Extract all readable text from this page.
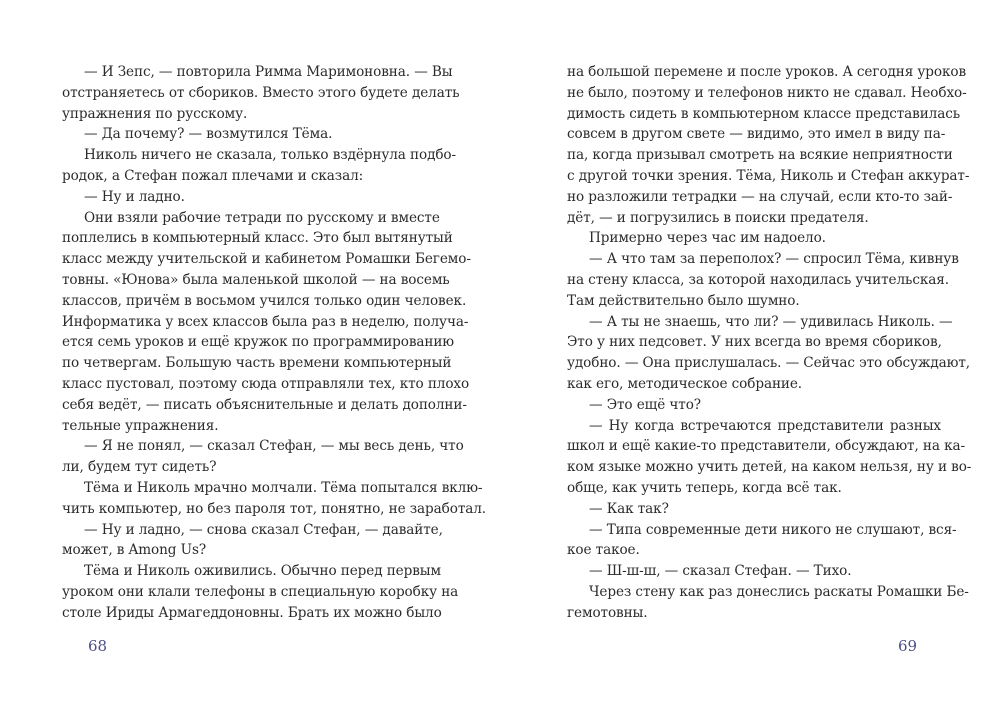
— И Зепс, — повторила Римма Маримоновна. — Вы
отстраняетесь от сбориков. Вместо этого будете делать
упражнения по русскому.
— Да почему? — возмутился Тёма.
Николь ничего не сказала, только вздёрнула подбо-
родок, а Стефан пожал плечами и сказал:
— Ну и ладно.
Они взяли рабочие тетради по русскому и вместе
поплелись в компьютерный класс. Это был вытянутый
класс между учительской и кабинетом Ромашки Бегемо-
товны. «Юнова» была маленькой школой — на восемь
классов, причём в восьмом учился только один человек.
Информатика у всех классов была раз в неделю, получа-
ется семь уроков и ещё кружок по программированию
по четвергам. Большую часть времени компьютерный
класс пустовал, поэтому сюда отправляли тех, кто плохо
себя ведёт, — писать объяснительные и делать дополни-
тельные упражнения.
— Я не понял, — сказал Стефан, — мы весь день, что
ли, будем тут сидеть?
Тёма и Николь мрачно молчали. Тёма попытался вклю-
чить компьютер, но без пароля тот, понятно, не заработал.
— Ну и ладно, — снова сказал Стефан, — давайте,
может, в Among Us?
Тёма и Николь оживились. Обычно перед первым
уроком они клали телефоны в специальную коробку на
столе Ириды Армагеддоновны. Брать их можно было
68
на большой перемене и после уроков. А сегодня уроков
не было, поэтому и телефонов никто не сдавал. Необхо-
димость сидеть в компьютерном классе представилась
совсем в другом свете — видимо, это имел в виду па-
па, когда призывал смотреть на всякие неприятности
с другой точки зрения. Тёма, Николь и Стефан аккурат-
но разложили тетрадки — на случай, если кто-то зай-
дёт, — и погрузились в поиски предателя.
Примерно через час им надоело.
— А что там за переполох? — спросил Тёма, кивнув
на стену класса, за которой находилась учительская.
Там действительно было шумно.
— А ты не знаешь, что ли? — удивилась Николь. —
Это у них педсовет. У них всегда во время сбориков,
удобно. — Она прислушалась. — Сейчас это обсуждают,
как его, методическое собрание.
— Это ещё что?
— Ну когда встречаются представители разных
школ и ещё какие-то представители, обсуждают, на ка-
ком языке можно учить детей, на каком нельзя, ну и во-
обще, как учить теперь, когда всё так.
— Как так?
— Типа современные дети никого не слушают, вся-
кое такое.
— Ш-ш-ш, — сказал Стефан. — Тихо.
Через стену как раз донеслись раскаты Ромашки Бе-
гемотовны.
69
